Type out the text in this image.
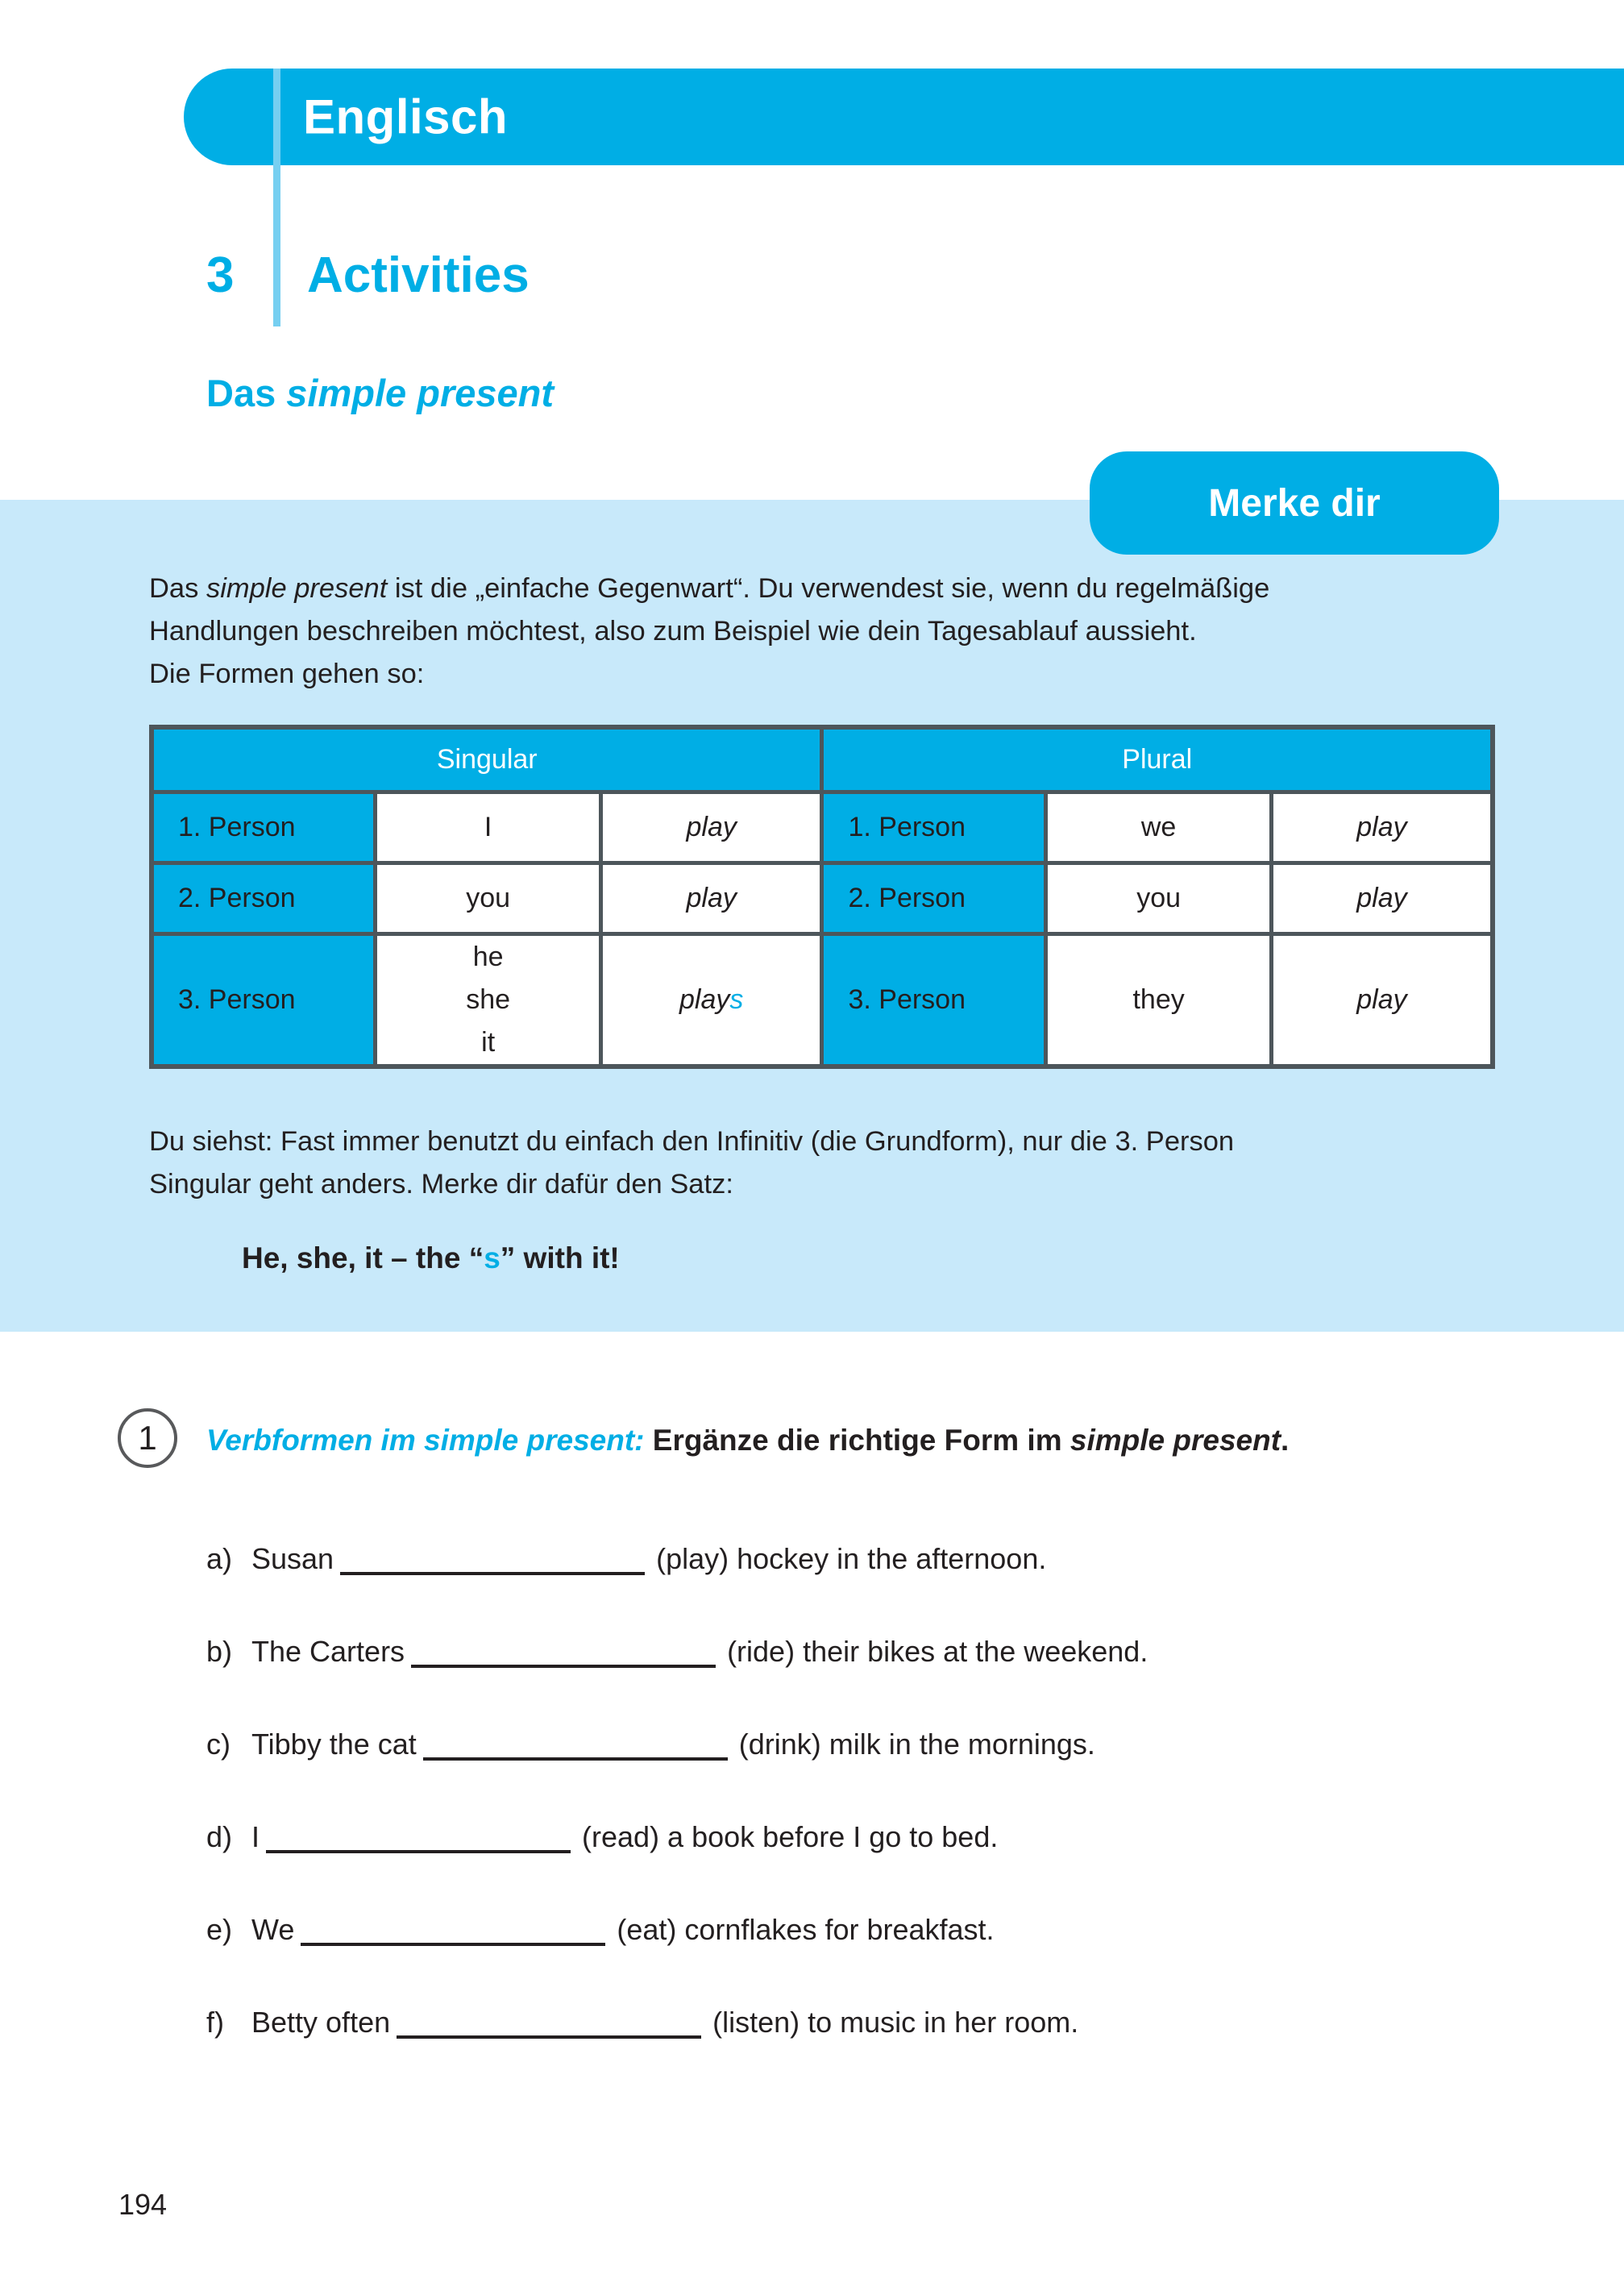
Englisch
3 Activities
Das simple present
Merke dir
Das simple present ist die „einfache Gegenwart“. Du verwendest sie, wenn du regelmäßige
Handlungen beschreiben möchtest, also zum Beispiel wie dein Tagesablauf aussieht.
Die Formen gehen so:
Singular			Plural		
1. Person	I	play	1. Person	we	play
2. Person	you	play	2. Person	you	play
3. Person	he
she
it	plays	3. Person	they	play
Du siehst: Fast immer benutzt du einfach den Infinitiv (die Grundform), nur die 3. Person
Singular geht anders. Merke dir dafür den Satz:
He, she, it – the “s” with it!
1 Verbformen im simple present: Ergänze die richtige Form im simple present.
a) Susan	(play) hockey in the afternoon.
b) The Carters	(ride) their bikes at the weekend.
c) Tibby the cat	(drink) milk in the mornings.
d) I	(read) a book before I go to bed.
e) We	(eat) cornflakes for breakfast.
f) Betty often	(listen) to music in her room.
194
